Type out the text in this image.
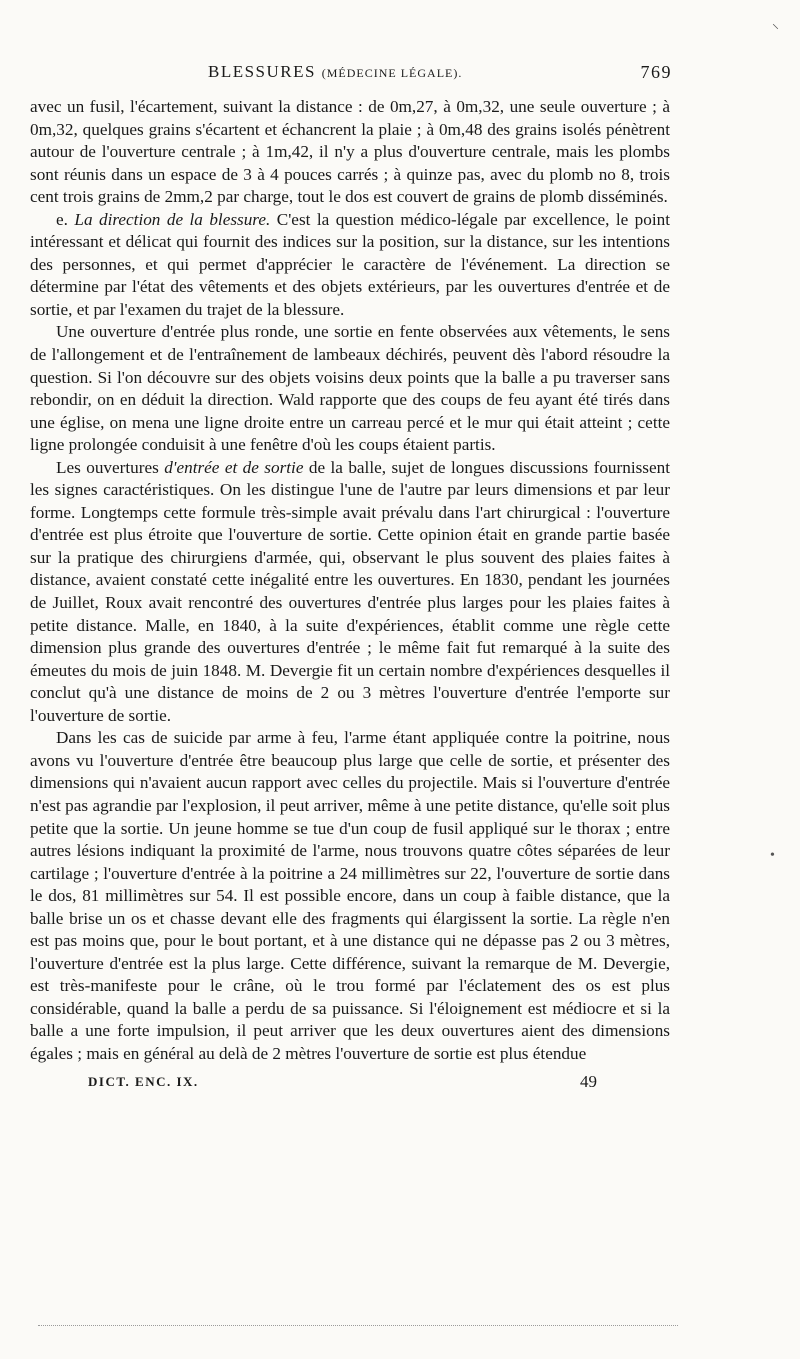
BLESSURES (MÉDECINE LÉGALE).	769

avec un fusil, l'écartement, suivant la distance : de 0m,27, à 0m,32, une seule ouverture ; à 0m,32, quelques grains s'écartent et échancrent la plaie ; à 0m,48 des grains isolés pénètrent autour de l'ouverture centrale ; à 1m,42, il n'y a plus d'ouverture centrale, mais les plombs sont réunis dans un espace de 3 à 4 pouces carrés ; à quinze pas, avec du plomb no 8, trois cent trois grains de 2mm,2 par charge, tout le dos est couvert de grains de plomb disséminés.

e. La direction de la blessure. C'est la question médico-légale par excellence, le point intéressant et délicat qui fournit des indices sur la position, sur la distance, sur les intentions des personnes, et qui permet d'apprécier le caractère de l'événement. La direction se détermine par l'état des vêtements et des objets extérieurs, par les ouvertures d'entrée et de sortie, et par l'examen du trajet de la blessure.

Une ouverture d'entrée plus ronde, une sortie en fente observées aux vêtements, le sens de l'allongement et de l'entraînement de lambeaux déchirés, peuvent dès l'abord résoudre la question. Si l'on découvre sur des objets voisins deux points que la balle a pu traverser sans rebondir, on en déduit la direction. Wald rapporte que des coups de feu ayant été tirés dans une église, on mena une ligne droite entre un carreau percé et le mur qui était atteint ; cette ligne prolongée conduisit à une fenêtre d'où les coups étaient partis.

Les ouvertures d'entrée et de sortie de la balle, sujet de longues discussions fournissent les signes caractéristiques. On les distingue l'une de l'autre par leurs dimensions et par leur forme. Longtemps cette formule très-simple avait prévalu dans l'art chirurgical : l'ouverture d'entrée est plus étroite que l'ouverture de sortie. Cette opinion était en grande partie basée sur la pratique des chirurgiens d'armée, qui, observant le plus souvent des plaies faites à distance, avaient constaté cette inégalité entre les ouvertures. En 1830, pendant les journées de Juillet, Roux avait rencontré des ouvertures d'entrée plus larges pour les plaies faites à petite distance. Malle, en 1840, à la suite d'expériences, établit comme une règle cette dimension plus grande des ouvertures d'entrée ; le même fait fut remarqué à la suite des émeutes du mois de juin 1848. M. Devergie fit un certain nombre d'expériences desquelles il conclut qu'à une distance de moins de 2 ou 3 mètres l'ouverture d'entrée l'emporte sur l'ouverture de sortie.

Dans les cas de suicide par arme à feu, l'arme étant appliquée contre la poitrine, nous avons vu l'ouverture d'entrée être beaucoup plus large que celle de sortie, et présenter des dimensions qui n'avaient aucun rapport avec celles du projectile. Mais si l'ouverture d'entrée n'est pas agrandie par l'explosion, il peut arriver, même à une petite distance, qu'elle soit plus petite que la sortie. Un jeune homme se tue d'un coup de fusil appliqué sur le thorax ; entre autres lésions indiquant la proximité de l'arme, nous trouvons quatre côtes séparées de leur cartilage ; l'ouverture d'entrée à la poitrine a 24 millimètres sur 22, l'ouverture de sortie dans le dos, 81 millimètres sur 54. Il est possible encore, dans un coup à faible distance, que la balle brise un os et chasse devant elle des fragments qui élargissent la sortie. La règle n'en est pas moins que, pour le bout portant, et à une distance qui ne dépasse pas 2 ou 3 mètres, l'ouverture d'entrée est la plus large. Cette différence, suivant la remarque de M. Devergie, est très-manifeste pour le crâne, où le trou formé par l'éclatement des os est plus considérable, quand la balle a perdu de sa puissance. Si l'éloignement est médiocre et si la balle a une forte impulsion, il peut arriver que les deux ouvertures aient des dimensions égales ; mais en général au delà de 2 mètres l'ouverture de sortie est plus étendue

DICT. ENC. IX.	49
⸜
•
